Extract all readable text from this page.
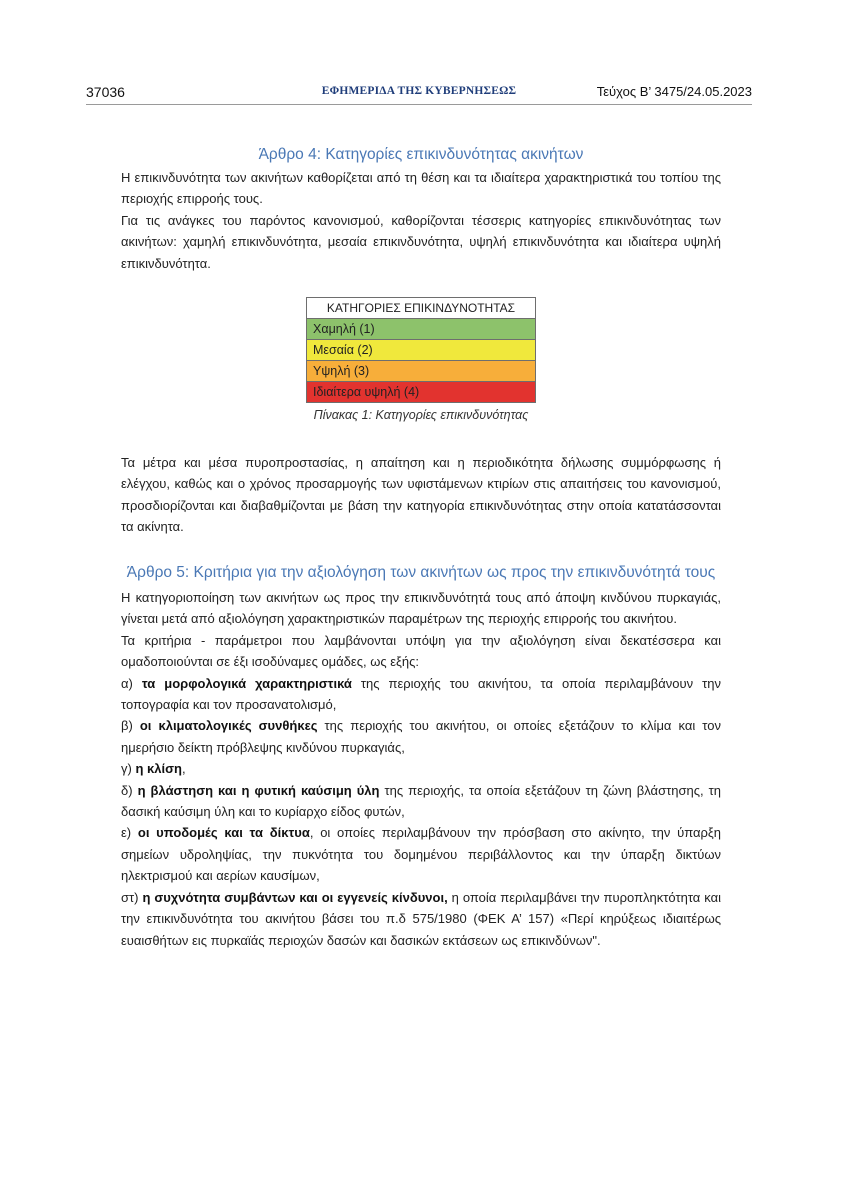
37036	ΕΦΗΜΕΡΙΔΑ ΤΗΣ ΚΥΒΕΡΝΗΣΕΩΣ	Τεύχος B’ 3475/24.05.2023
Άρθρο 4: Κατηγορίες επικινδυνότητας ακινήτων

Η επικινδυνότητα των ακινήτων καθορίζεται από τη θέση και τα ιδιαίτερα χαρακτηριστικά του τοπίου της περιοχής επιρροής τους.

Για τις ανάγκες του παρόντος κανονισμού, καθορίζονται τέσσερις κατηγορίες επικινδυνότητας των ακινήτων: χαμηλή επικινδυνότητα, μεσαία επικινδυνότητα, υψηλή επικινδυνότητα και ιδιαίτερα υψηλή επικινδυνότητα.

ΚΑΤΗΓΟΡΙΕΣ ΕΠΙΚΙΝΔΥΝΟΤΗΤΑΣ
Χαμηλή (1)
Μεσαία (2)
Υψηλή (3)
Ιδιαίτερα υψηλή (4)
Πίνακας 1: Κατηγορίες επικινδυνότητας

Τα μέτρα και μέσα πυροπροστασίας, η απαίτηση και η περιοδικότητα δήλωσης συμμόρφωσης ή ελέγχου, καθώς και ο χρόνος προσαρμογής των υφιστάμενων κτιρίων στις απαιτήσεις του κανονισμού, προσδιορίζονται και διαβαθμίζονται με βάση την κατηγορία επικινδυνότητας στην οποία κατατάσσονται τα ακίνητα.

Άρθρο 5: Κριτήρια για την αξιολόγηση των ακινήτων ως προς την επικινδυνότητά τους

Η κατηγοριοποίηση των ακινήτων ως προς την επικινδυνότητά τους από άποψη κινδύνου πυρκαγιάς, γίνεται μετά από αξιολόγηση χαρακτηριστικών παραμέτρων της περιοχής επιρροής του ακινήτου.

Τα κριτήρια - παράμετροι που λαμβάνονται υπόψη για την αξιολόγηση είναι δεκατέσσερα και ομαδοποιούνται σε έξι ισοδύναμες ομάδες, ως εξής:

α) τα μορφολογικά χαρακτηριστικά της περιοχής του ακινήτου, τα οποία περιλαμβάνουν την τοπογραφία και τον προσανατολισμό,

β) οι κλιματολογικές συνθήκες της περιοχής του ακινήτου, οι οποίες εξετάζουν το κλίμα και τον ημερήσιο δείκτη πρόβλεψης κινδύνου πυρκαγιάς,

γ) η κλίση,

δ) η βλάστηση και η φυτική καύσιμη ύλη της περιοχής, τα οποία εξετάζουν τη ζώνη βλάστησης, τη δασική καύσιμη ύλη και το κυρίαρχο είδος φυτών,

ε) οι υποδομές και τα δίκτυα, οι οποίες περιλαμβάνουν την πρόσβαση στο ακίνητο, την ύπαρξη σημείων υδροληψίας, την πυκνότητα του δομημένου περιβάλλοντος και την ύπαρξη δικτύων ηλεκτρισμού και αερίων καυσίμων,

στ) η συχνότητα συμβάντων και οι εγγενείς κίνδυνοι, η οποία περιλαμβάνει την πυροπληκτότητα και την επικινδυνότητα του ακινήτου βάσει του π.δ 575/1980 (ΦΕΚ Α’ 157) «Περί κηρύξεως ιδιαιτέρως ευαισθήτων εις πυρκαϊάς περιοχών δασών και δασικών εκτάσεων ως επικινδύνων".
